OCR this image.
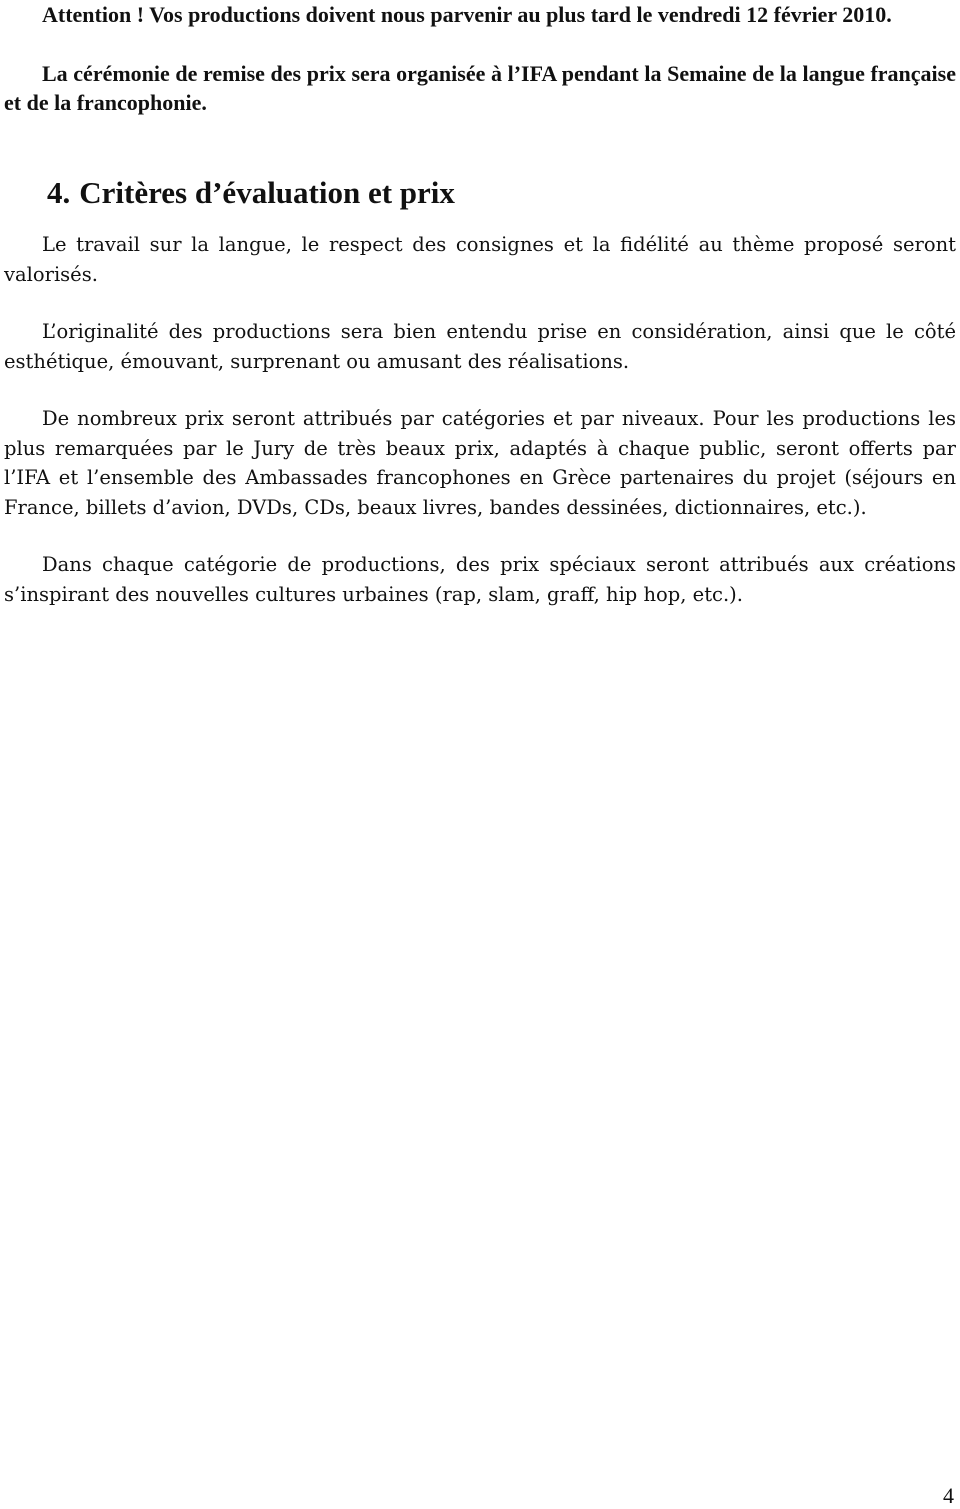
Attention ! Vos productions doivent nous parvenir au plus tard le vendredi 12 février 2010.

La cérémonie de remise des prix sera organisée à l’IFA pendant la Semaine de la langue française et de la francophonie.

4. Critères d’évaluation et prix

Le travail sur la langue, le respect des consignes et la fidélité au thème proposé seront valorisés.

L’originalité des productions sera bien entendu prise en considération, ainsi que le côté esthétique, émouvant, surprenant ou amusant des réalisations.

De nombreux prix seront attribués par catégories et par niveaux. Pour les productions les plus remarquées par le Jury de très beaux prix, adaptés à chaque public, seront offerts par l’IFA et l’ensemble des Ambassades francophones en Grèce partenaires du projet (séjours en France, billets d’avion, DVDs, CDs, beaux livres, bandes dessinées, dictionnaires, etc.).

Dans chaque catégorie de productions, des prix spéciaux seront attribués aux créations s’inspirant des nouvelles cultures urbaines (rap, slam, graff, hip hop, etc.).

4
